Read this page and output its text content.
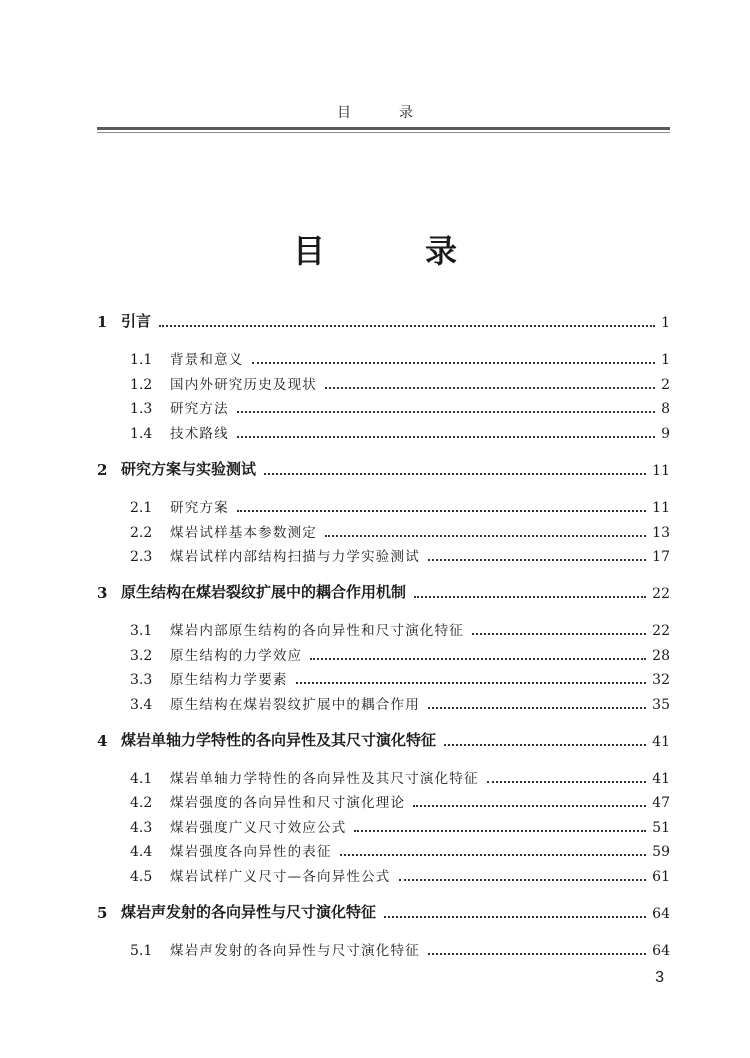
目	录
目	录
1 引言	1
1.1 背景和意义	1
1.2 国内外研究历史及现状	2
1.3 研究方法	8
1.4 技术路线	9
2 研究方案与实验测试	11
2.1 研究方案	11
2.2 煤岩试样基本参数测定	13
2.3 煤岩试样内部结构扫描与力学实验测试	17
3 原生结构在煤岩裂纹扩展中的耦合作用机制	22
3.1 煤岩内部原生结构的各向异性和尺寸演化特征	22
3.2 原生结构的力学效应	28
3.3 原生结构力学要素	32
3.4 原生结构在煤岩裂纹扩展中的耦合作用	35
4 煤岩单轴力学特性的各向异性及其尺寸演化特征	41
4.1 煤岩单轴力学特性的各向异性及其尺寸演化特征	41
4.2 煤岩强度的各向异性和尺寸演化理论	47
4.3 煤岩强度广义尺寸效应公式	51
4.4 煤岩强度各向异性的表征	59
4.5 煤岩试样广义尺寸—各向异性公式	61
5 煤岩声发射的各向异性与尺寸演化特征	64
5.1 煤岩声发射的各向异性与尺寸演化特征	64
3
